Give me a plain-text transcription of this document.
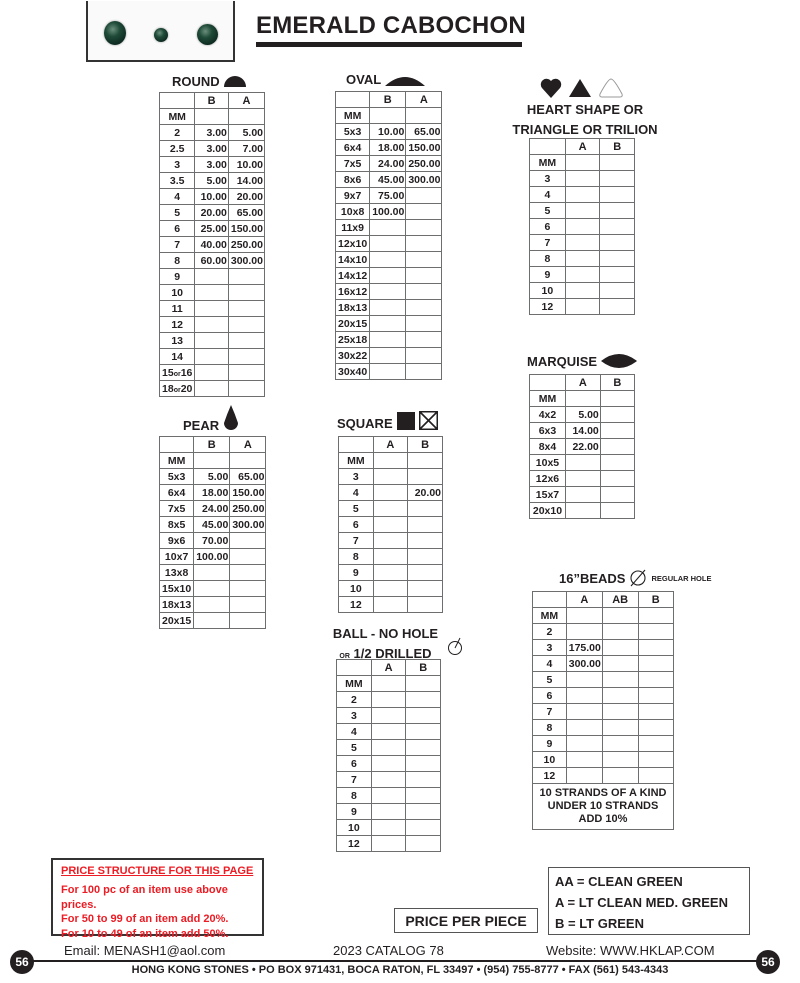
EMERALD CABOCHON
ROUND
	B	A
MM		
2	3.00	5.00
2.5	3.00	7.00
3	3.00	10.00
3.5	5.00	14.00
4	10.00	20.00
5	20.00	65.00
6	25.00	150.00
7	40.00	250.00
8	60.00	300.00
9		
10		
11		
12		
13		
14		
15or16		
18or20		
OVAL
	B	A
MM		
5x3	10.00	65.00
6x4	18.00	150.00
7x5	24.00	250.00
8x6	45.00	300.00
9x7	75.00	
10x8	100.00	
11x9		
12x10		
14x10		
14x12		
16x12		
18x13		
20x15		
25x18		
30x22		
30x40		
HEART SHAPE OR
TRIANGLE OR TRILION
	A	B
MM		
3		
4		
5		
6		
7		
8		
9		
10		
12		
MARQUISE
	A	B
MM		
4x2	5.00	
6x3	14.00	
8x4	22.00	
10x5		
12x6		
15x7		
20x10		
PEAR
	B	A
MM		
5x3	5.00	65.00
6x4	18.00	150.00
7x5	24.00	250.00
8x5	45.00	300.00
9x6	70.00	
10x7	100.00	
13x8		
15x10		
18x13		
20x15		
SQUARE
	A	B
MM		
3		
4		20.00
5		
6		
7		
8		
9		
10		
12		
BALL - NO HOLE
OR 1/2 DRILLED
	A	B
MM		
2		
3		
4		
5		
6		
7		
8		
9		
10		
12		
16”BEADS	REGULAR HOLE
	A	AB	B
MM			
2			
3	175.00		
4	300.00		
5			
6			
7			
8			
9			
10			
12			

10 STRANDS OF A KIND
UNDER 10 STRANDS
ADD 10%			
PRICE STRUCTURE FOR THIS PAGE
For 100 pc of an item use above prices.
For 50 to 99 of an item add 20%.
For 10 to 49 of an item add 50%.
PRICE PER PIECE
AA = CLEAN GREEN
A = LT CLEAN MED. GREEN
B = LT GREEN
56	56
Email: MENASH1@aol.com	2023 CATALOG 78	Website: WWW.HKLAP.COM
HONG KONG STONES • PO BOX 971431, BOCA RATON, FL 33497 • (954) 755-8777 • FAX (561) 543-4343
